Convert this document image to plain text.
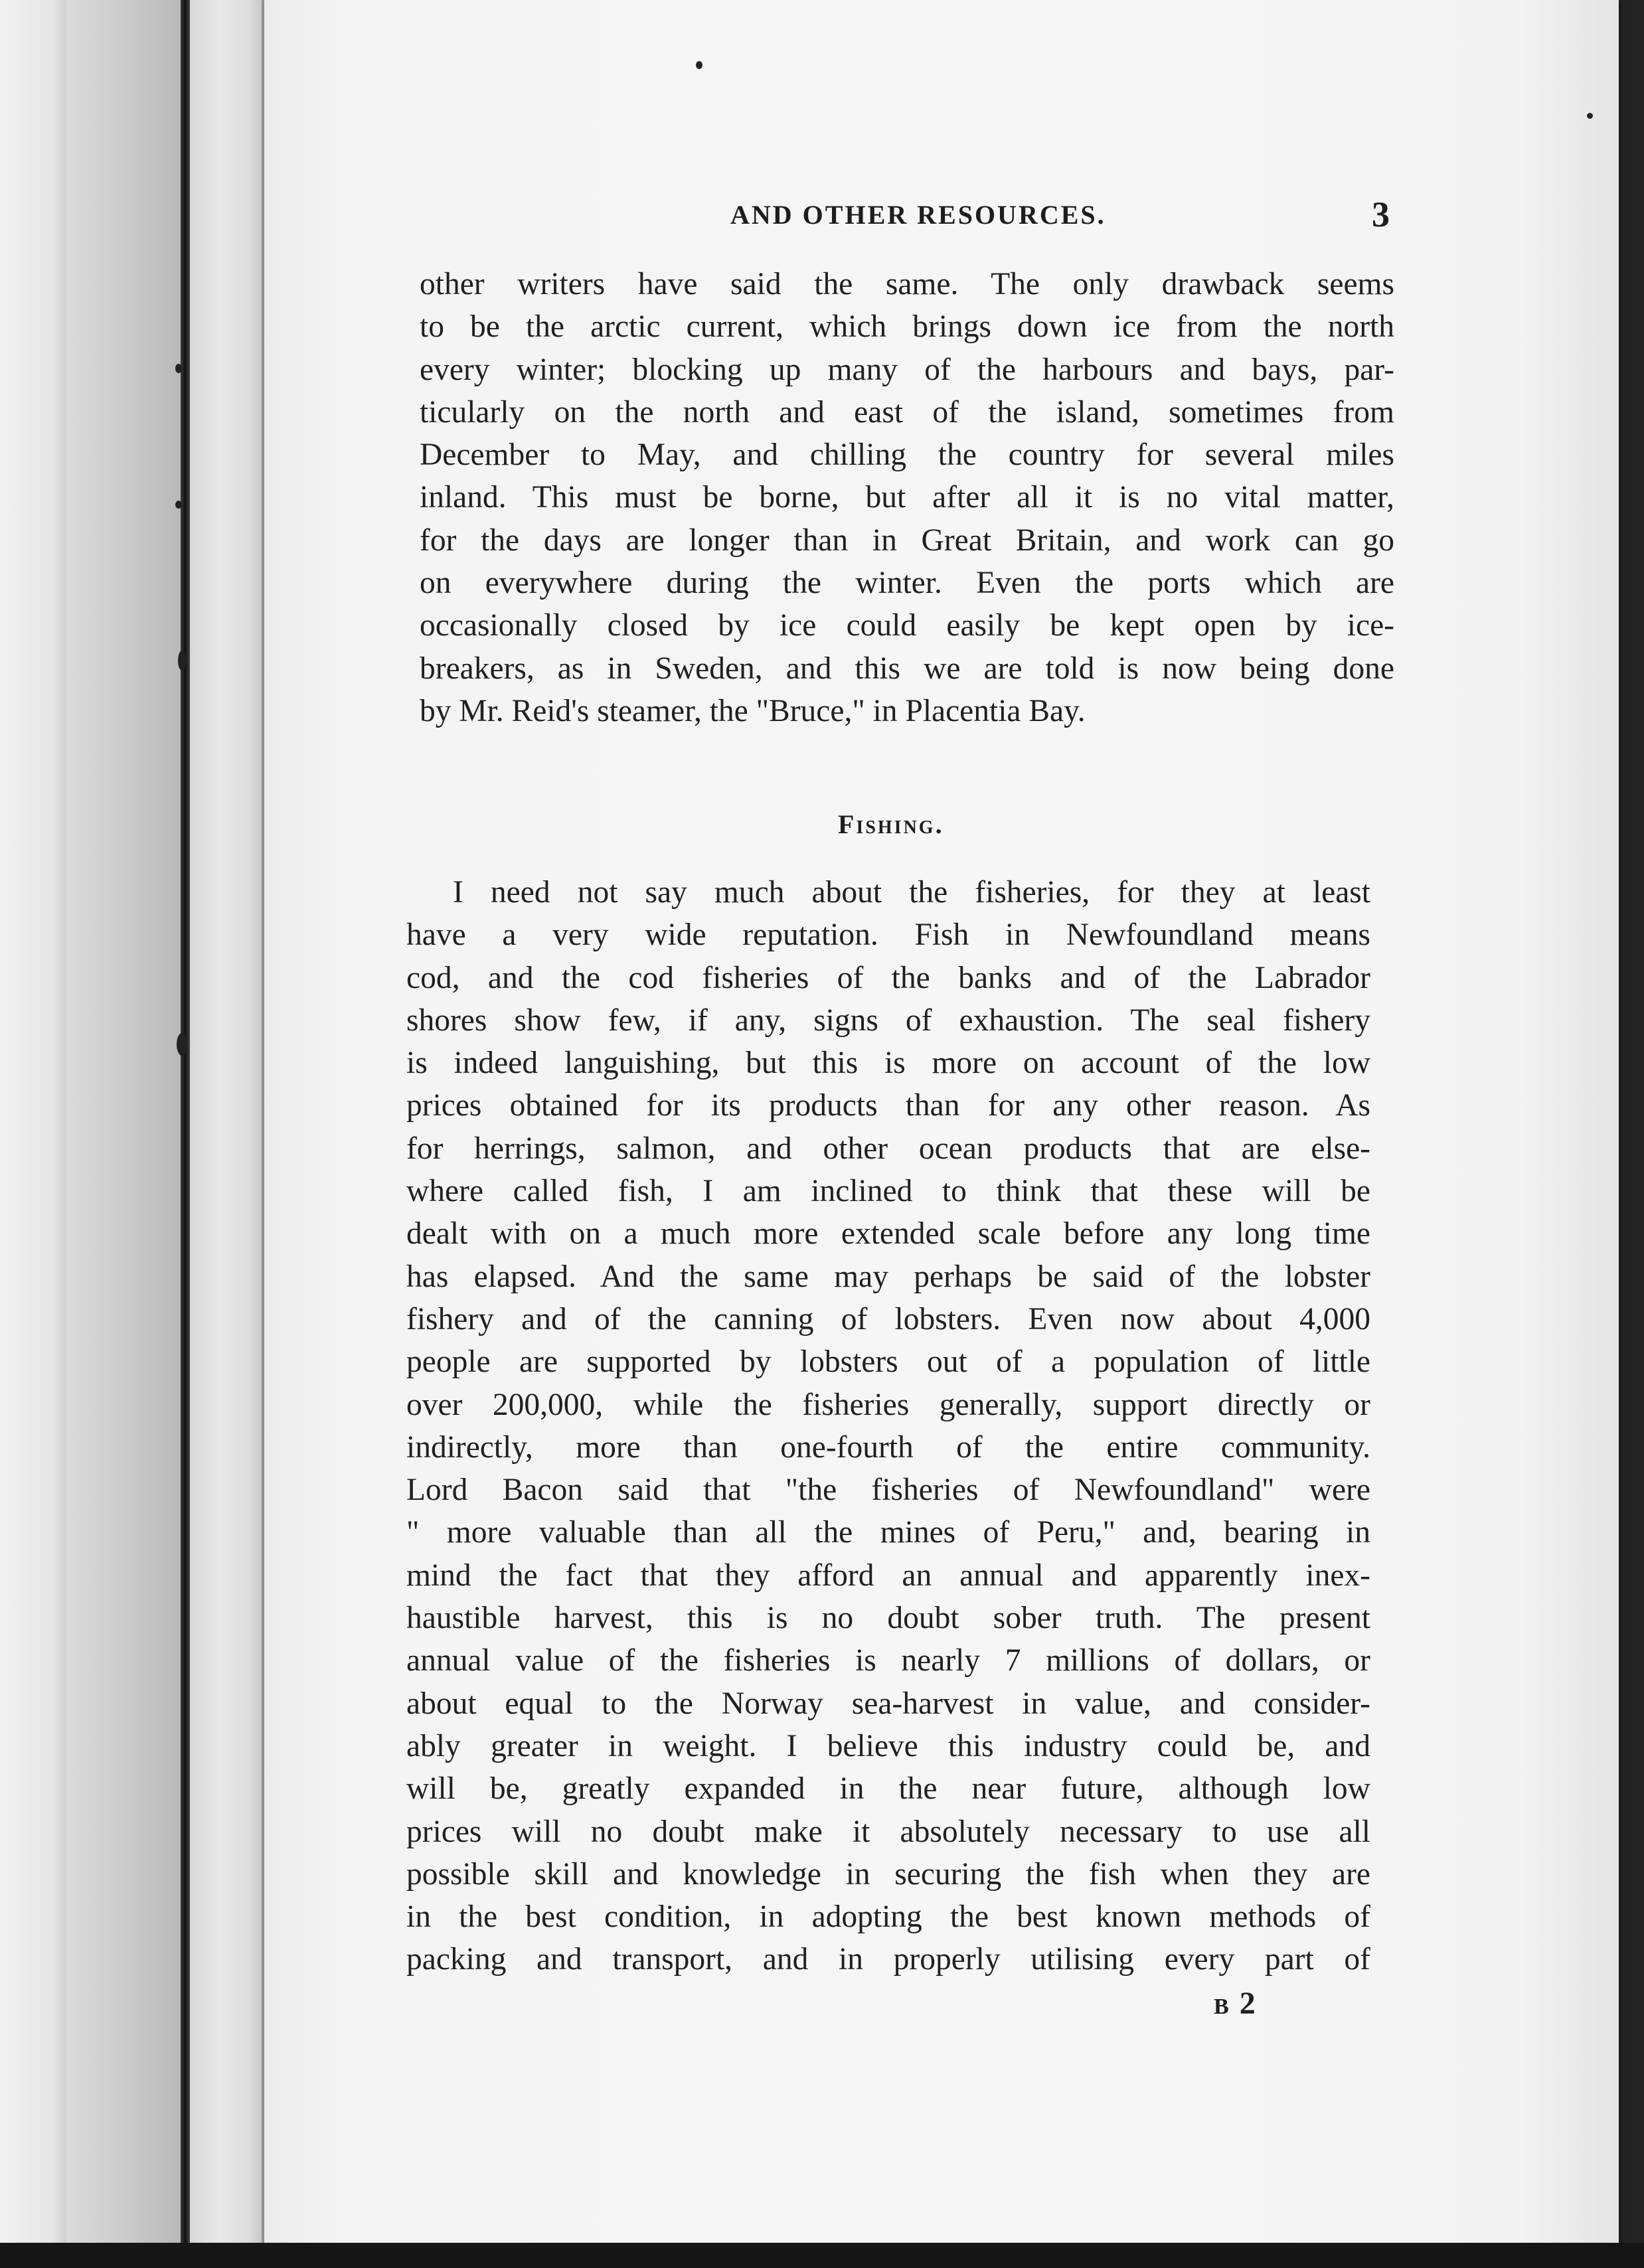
AND OTHER RESOURCES.	3
other writers have said the same. The only drawback seems
to be the arctic current, which brings down ice from the north
every winter; blocking up many of the harbours and bays, par-
ticularly on the north and east of the island, sometimes from
December to May, and chilling the country for several miles
inland. This must be borne, but after all it is no vital matter,
for the days are longer than in Great Britain, and work can go
on everywhere during the winter. Even the ports which are
occasionally closed by ice could easily be kept open by ice-
breakers, as in Sweden, and this we are told is now being done
by Mr. Reid's steamer, the "Bruce," in Placentia Bay.
Fishing.
I need not say much about the fisheries, for they at least
have a very wide reputation. Fish in Newfoundland means
cod, and the cod fisheries of the banks and of the Labrador
shores show few, if any, signs of exhaustion. The seal fishery
is indeed languishing, but this is more on account of the low
prices obtained for its products than for any other reason. As
for herrings, salmon, and other ocean products that are else-
where called fish, I am inclined to think that these will be
dealt with on a much more extended scale before any long time
has elapsed. And the same may perhaps be said of the lobster
fishery and of the canning of lobsters. Even now about 4,000
people are supported by lobsters out of a population of little
over 200,000, while the fisheries generally, support directly or
indirectly, more than one-fourth of the entire community.
Lord Bacon said that "the fisheries of Newfoundland" were
" more valuable than all the mines of Peru," and, bearing in
mind the fact that they afford an annual and apparently inex-
haustible harvest, this is no doubt sober truth. The present
annual value of the fisheries is nearly 7 millions of dollars, or
about equal to the Norway sea-harvest in value, and consider-
ably greater in weight. I believe this industry could be, and
will be, greatly expanded in the near future, although low
prices will no doubt make it absolutely necessary to use all
possible skill and knowledge in securing the fish when they are
in the best condition, in adopting the best known methods of
packing and transport, and in properly utilising every part of
B 2
